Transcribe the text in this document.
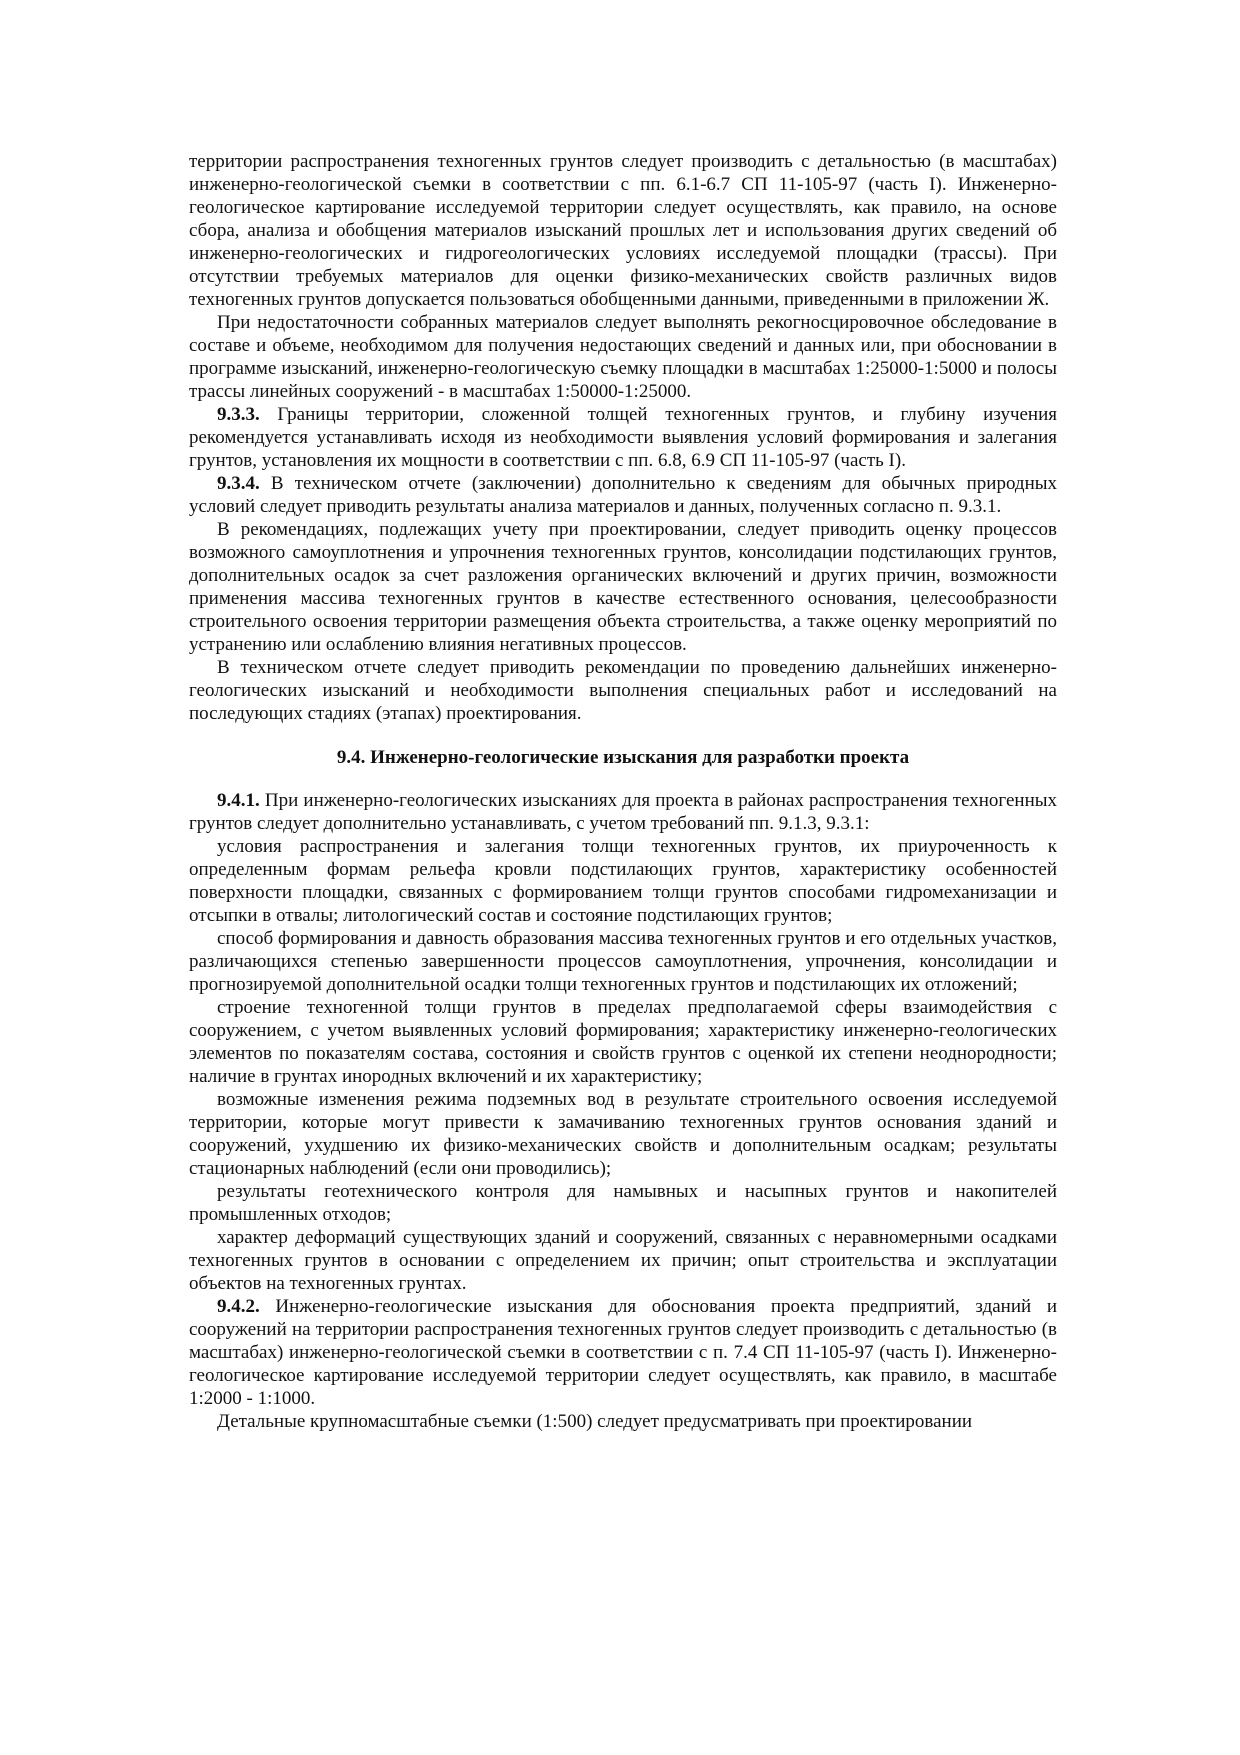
территории распространения техногенных грунтов следует производить с детальностью (в масштабах) инженерно-геологической съемки в соответствии с пп. 6.1-6.7 СП 11-105-97 (часть I). Инженерно-геологическое картирование исследуемой территории следует осуществлять, как правило, на основе сбора, анализа и обобщения материалов изысканий прошлых лет и использования других сведений об инженерно-геологических и гидрогеологических условиях исследуемой площадки (трассы). При отсутствии требуемых материалов для оценки физико-механических свойств различных видов техногенных грунтов допускается пользоваться обобщенными данными, приведенными в приложении Ж.

При недостаточности собранных материалов следует выполнять рекогносцировочное обследование в составе и объеме, необходимом для получения недостающих сведений и данных или, при обосновании в программе изысканий, инженерно-геологическую съемку площадки в масштабах 1:25000-1:5000 и полосы трассы линейных сооружений - в масштабах 1:50000-1:25000.

9.3.3. Границы территории, сложенной толщей техногенных грунтов, и глубину изучения рекомендуется устанавливать исходя из необходимости выявления условий формирования и залегания грунтов, установления их мощности в соответствии с пп. 6.8, 6.9 СП 11-105-97 (часть I).

9.3.4. В техническом отчете (заключении) дополнительно к сведениям для обычных природных условий следует приводить результаты анализа материалов и данных, полученных согласно п. 9.3.1.

В рекомендациях, подлежащих учету при проектировании, следует приводить оценку процессов возможного самоуплотнения и упрочнения техногенных грунтов, консолидации подстилающих грунтов, дополнительных осадок за счет разложения органических включений и других причин, возможности применения массива техногенных грунтов в качестве естественного основания, целесообразности строительного освоения территории размещения объекта строительства, а также оценку мероприятий по устранению или ослаблению влияния негативных процессов.

В техническом отчете следует приводить рекомендации по проведению дальнейших инженерно-геологических изысканий и необходимости выполнения специальных работ и исследований на последующих стадиях (этапах) проектирования.

9.4. Инженерно-геологические изыскания для разработки проекта

9.4.1. При инженерно-геологических изысканиях для проекта в районах распространения техногенных грунтов следует дополнительно устанавливать, с учетом требований пп. 9.1.3, 9.3.1:

условия распространения и залегания толщи техногенных грунтов, их приуроченность к определенным формам рельефа кровли подстилающих грунтов, характеристику особенностей поверхности площадки, связанных с формированием толщи грунтов способами гидромеханизации и отсыпки в отвалы; литологический состав и состояние подстилающих грунтов;

способ формирования и давность образования массива техногенных грунтов и его отдельных участков, различающихся степенью завершенности процессов самоуплотнения, упрочнения, консолидации и прогнозируемой дополнительной осадки толщи техногенных грунтов и подстилающих их отложений;

строение техногенной толщи грунтов в пределах предполагаемой сферы взаимодействия с сооружением, с учетом выявленных условий формирования; характеристику инженерно-геологических элементов по показателям состава, состояния и свойств грунтов с оценкой их степени неоднородности; наличие в грунтах инородных включений и их характеристику;

возможные изменения режима подземных вод в результате строительного освоения исследуемой территории, которые могут привести к замачиванию техногенных грунтов основания зданий и сооружений, ухудшению их физико-механических свойств и дополнительным осадкам; результаты стационарных наблюдений (если они проводились);

результаты геотехнического контроля для намывных и насыпных грунтов и накопителей промышленных отходов;

характер деформаций существующих зданий и сооружений, связанных с неравномерными осадками техногенных грунтов в основании с определением их причин; опыт строительства и эксплуатации объектов на техногенных грунтах.

9.4.2. Инженерно-геологические изыскания для обоснования проекта предприятий, зданий и сооружений на территории распространения техногенных грунтов следует производить с детальностью (в масштабах) инженерно-геологической съемки в соответствии с п. 7.4 СП 11-105-97 (часть I). Инженерно-геологическое картирование исследуемой территории следует осуществлять, как правило, в масштабе 1:2000 - 1:1000.

Детальные крупномасштабные съемки (1:500) следует предусматривать при проектировании
